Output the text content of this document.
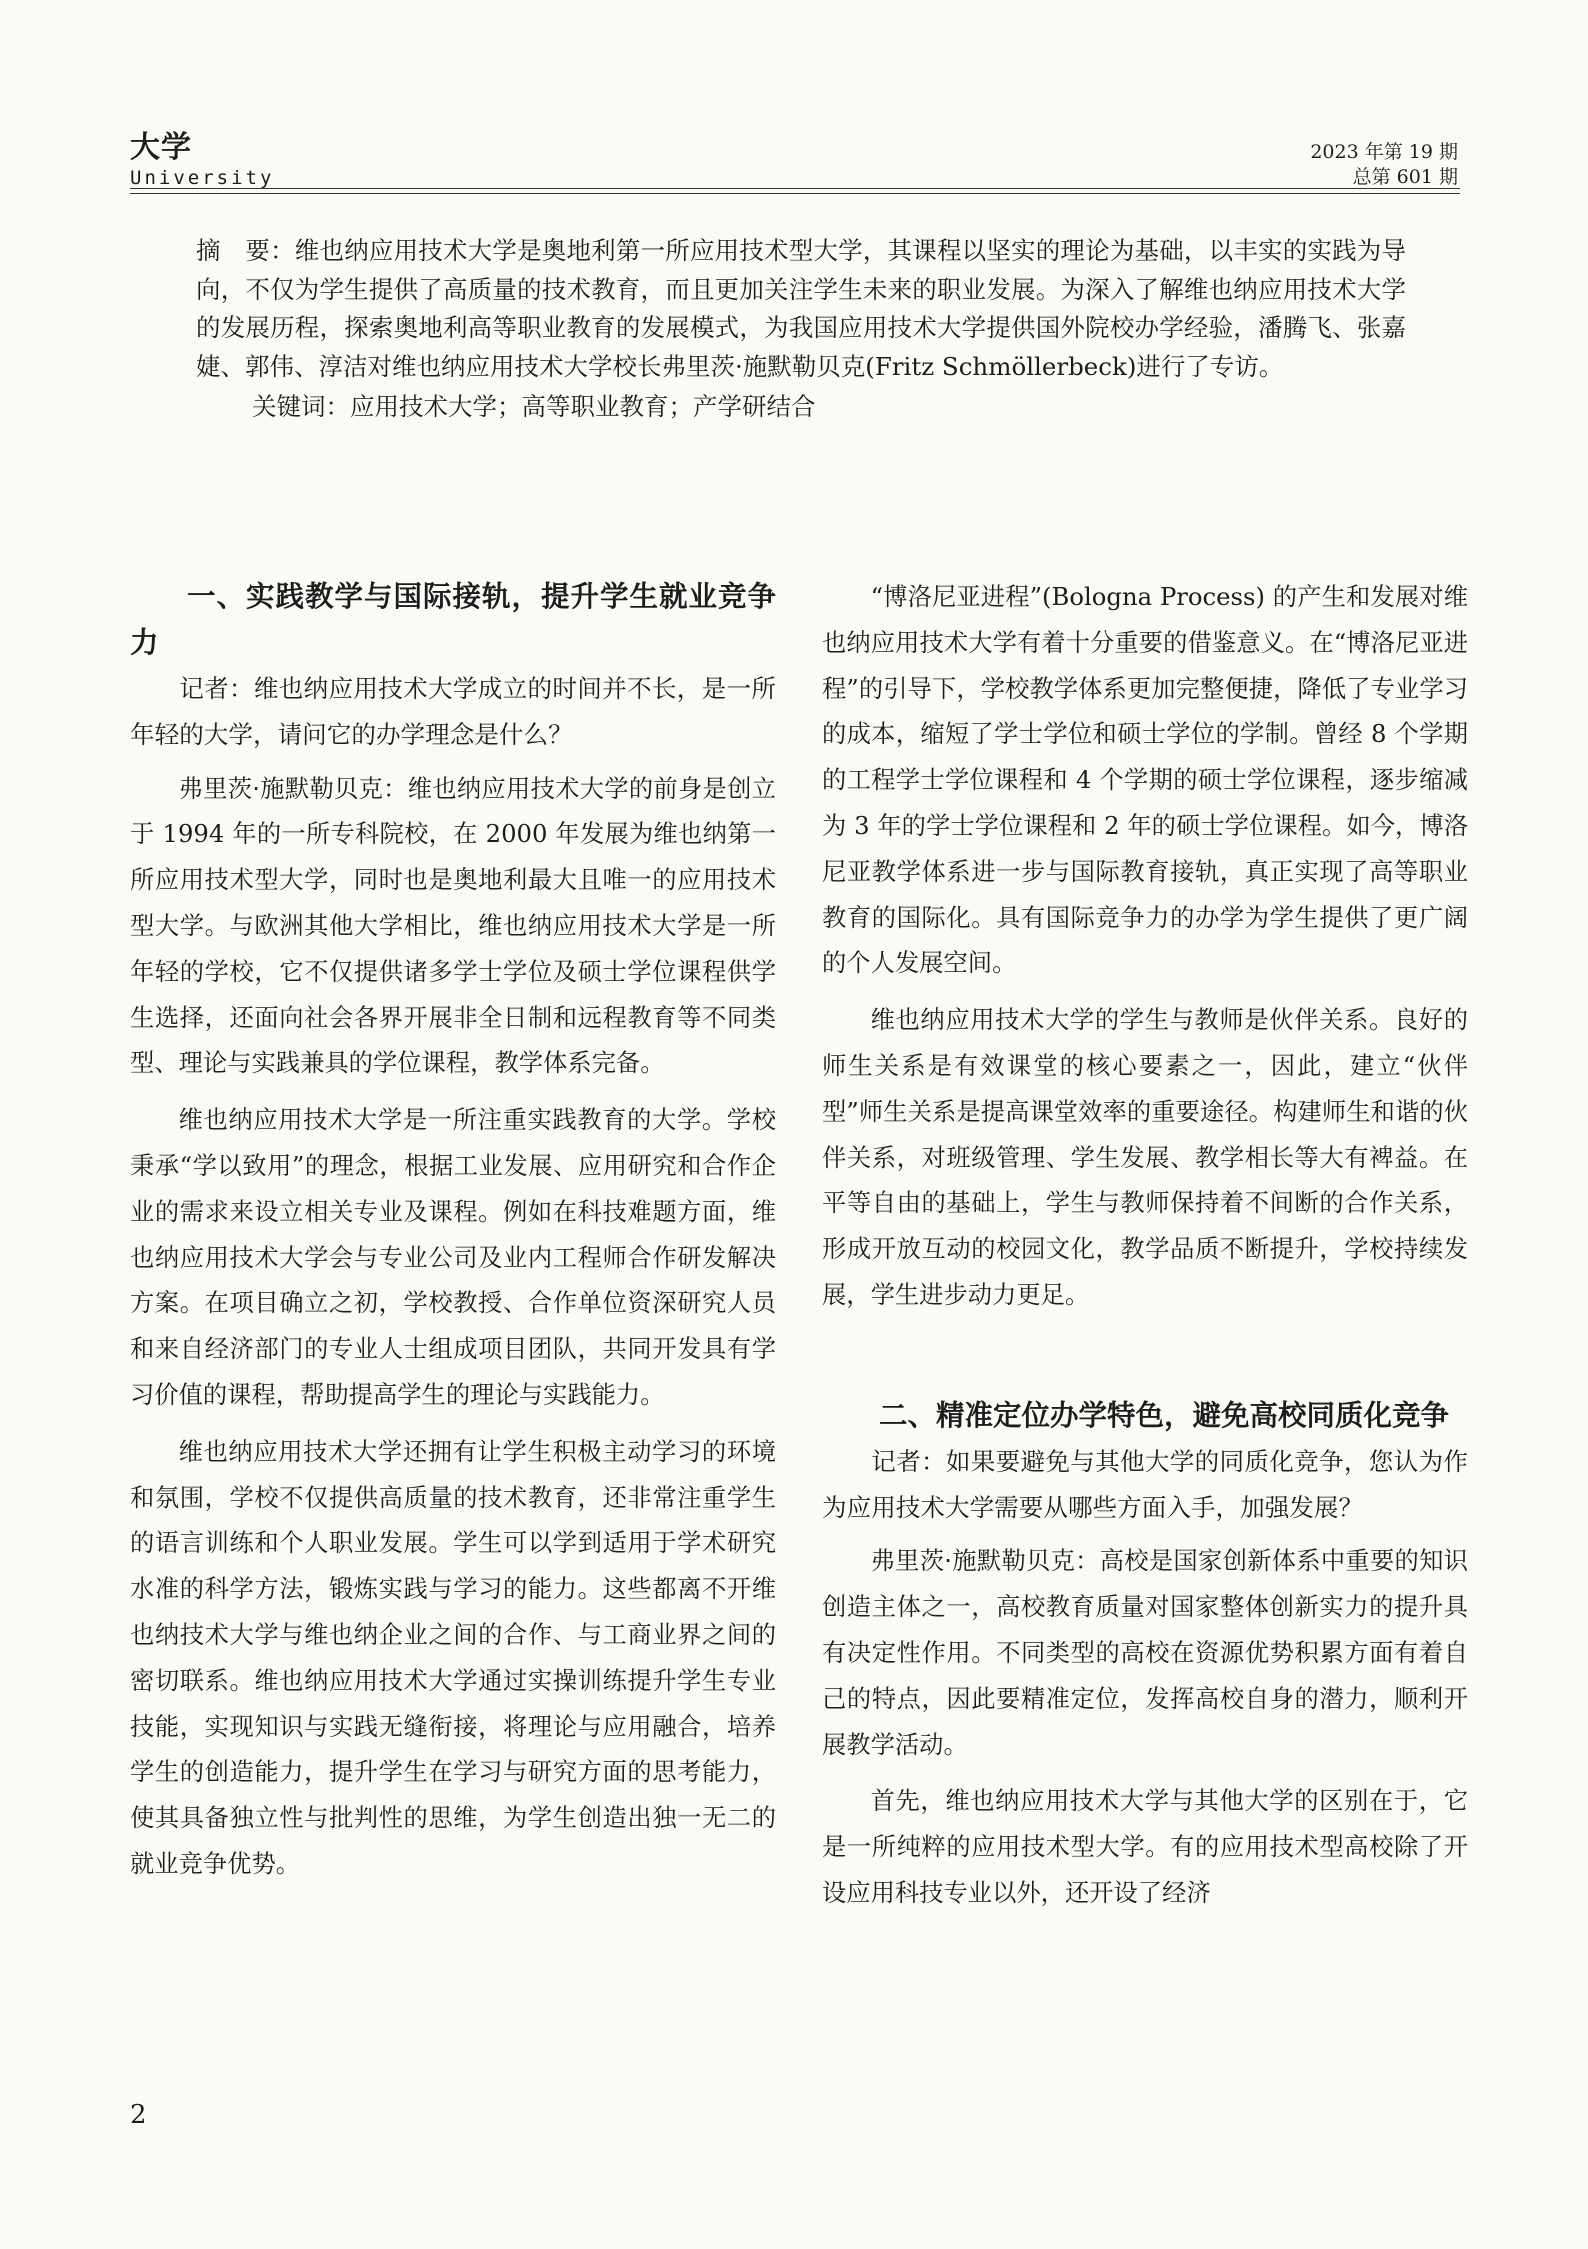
大学
University
2023 年第 19 期
总第 601 期

摘　要：维也纳应用技术大学是奥地利第一所应用技术型大学，其课程以坚实的理论为基础，以丰实的实践为导向，不仅为学生提供了高质量的技术教育，而且更加关注学生未来的职业发展。为深入了解维也纳应用技术大学的发展历程，探索奥地利高等职业教育的发展模式，为我国应用技术大学提供国外院校办学经验，潘腾飞、张嘉婕、郭伟、淳洁对维也纳应用技术大学校长弗里茨·施默勒贝克(Fritz Schmöllerbeck)进行了专访。

关键词：应用技术大学；高等职业教育；产学研结合

一、实践教学与国际接轨，提升学生就业竞争力

记者：维也纳应用技术大学成立的时间并不长，是一所年轻的大学，请问它的办学理念是什么？

弗里茨·施默勒贝克：维也纳应用技术大学的前身是创立于 1994 年的一所专科院校，在 2000 年发展为维也纳第一所应用技术型大学，同时也是奥地利最大且唯一的应用技术型大学。与欧洲其他大学相比，维也纳应用技术大学是一所年轻的学校，它不仅提供诸多学士学位及硕士学位课程供学生选择，还面向社会各界开展非全日制和远程教育等不同类型、理论与实践兼具的学位课程，教学体系完备。

维也纳应用技术大学是一所注重实践教育的大学。学校秉承“学以致用”的理念，根据工业发展、应用研究和合作企业的需求来设立相关专业及课程。例如在科技难题方面，维也纳应用技术大学会与专业公司及业内工程师合作研发解决方案。在项目确立之初，学校教授、合作单位资深研究人员和来自经济部门的专业人士组成项目团队，共同开发具有学习价值的课程，帮助提高学生的理论与实践能力。

维也纳应用技术大学还拥有让学生积极主动学习的环境和氛围，学校不仅提供高质量的技术教育，还非常注重学生的语言训练和个人职业发展。学生可以学到适用于学术研究水准的科学方法，锻炼实践与学习的能力。这些都离不开维也纳技术大学与维也纳企业之间的合作、与工商业界之间的密切联系。维也纳应用技术大学通过实操训练提升学生专业技能，实现知识与实践无缝衔接，将理论与应用融合，培养学生的创造能力，提升学生在学习与研究方面的思考能力，使其具备独立性与批判性的思维，为学生创造出独一无二的就业竞争优势。

“博洛尼亚进程”(Bologna Process) 的产生和发展对维也纳应用技术大学有着十分重要的借鉴意义。在“博洛尼亚进程”的引导下，学校教学体系更加完整便捷，降低了专业学习的成本，缩短了学士学位和硕士学位的学制。曾经 8 个学期的工程学士学位课程和 4 个学期的硕士学位课程，逐步缩减为 3 年的学士学位课程和 2 年的硕士学位课程。如今，博洛尼亚教学体系进一步与国际教育接轨，真正实现了高等职业教育的国际化。具有国际竞争力的办学为学生提供了更广阔的个人发展空间。

维也纳应用技术大学的学生与教师是伙伴关系。良好的师生关系是有效课堂的核心要素之一，因此，建立“伙伴型”师生关系是提高课堂效率的重要途径。构建师生和谐的伙伴关系，对班级管理、学生发展、教学相长等大有裨益。在平等自由的基础上，学生与教师保持着不间断的合作关系，形成开放互动的校园文化，教学品质不断提升，学校持续发展，学生进步动力更足。

二、精准定位办学特色，避免高校同质化竞争

记者：如果要避免与其他大学的同质化竞争，您认为作为应用技术大学需要从哪些方面入手，加强发展？

弗里茨·施默勒贝克：高校是国家创新体系中重要的知识创造主体之一，高校教育质量对国家整体创新实力的提升具有决定性作用。不同类型的高校在资源优势积累方面有着自己的特点，因此要精准定位，发挥高校自身的潜力，顺利开展教学活动。

首先，维也纳应用技术大学与其他大学的区别在于，它是一所纯粹的应用技术型大学。有的应用技术型高校除了开设应用科技专业以外，还开设了经济

2
